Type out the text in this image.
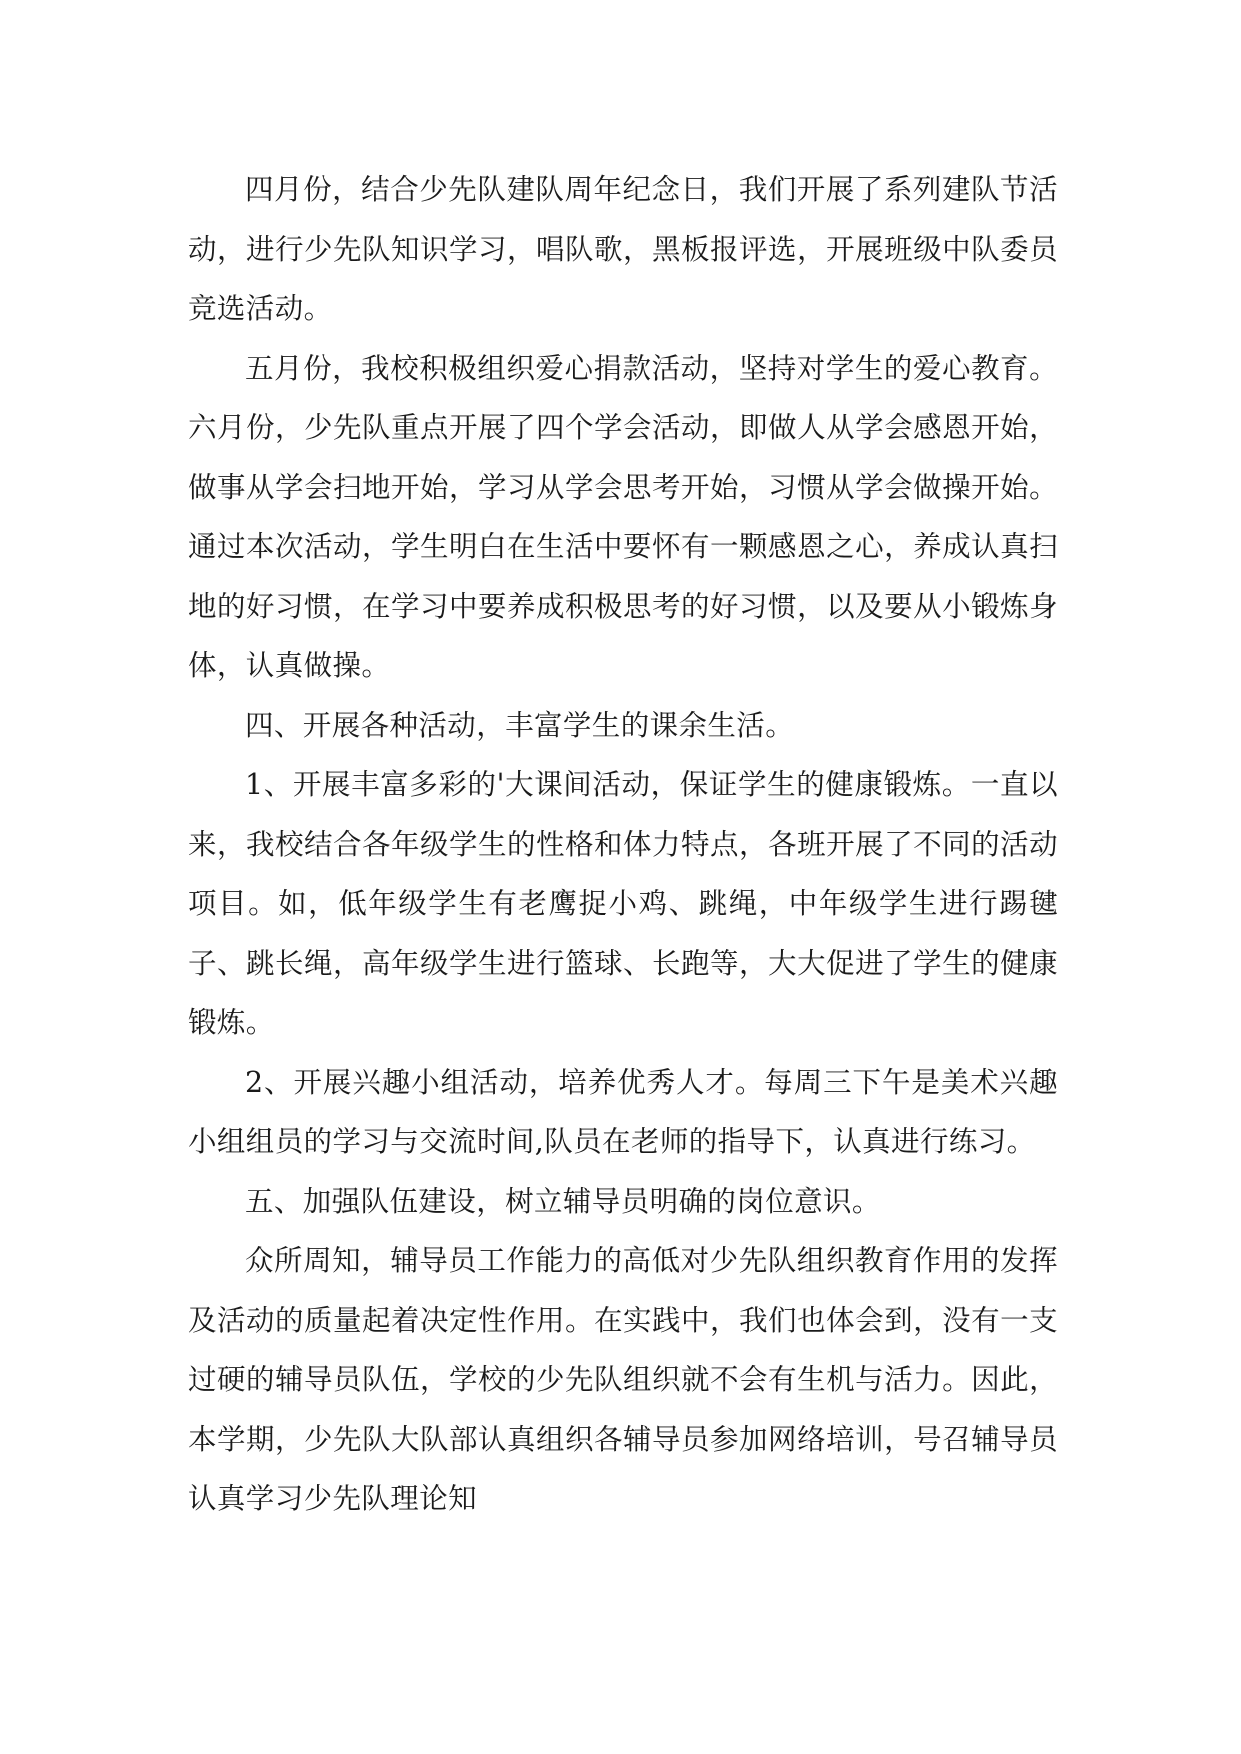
四月份，结合少先队建队周年纪念日，我们开展了系列建队节活动，进行少先队知识学习，唱队歌，黑板报评选，开展班级中队委员竞选活动。

五月份，我校积极组织爱心捐款活动，坚持对学生的爱心教育。六月份，少先队重点开展了四个学会活动，即做人从学会感恩开始，做事从学会扫地开始，学习从学会思考开始，习惯从学会做操开始。通过本次活动，学生明白在生活中要怀有一颗感恩之心，养成认真扫地的好习惯，在学习中要养成积极思考的好习惯，以及要从小锻炼身体，认真做操。

四、开展各种活动，丰富学生的课余生活。

1、开展丰富多彩的'大课间活动，保证学生的健康锻炼。一直以来，我校结合各年级学生的性格和体力特点，各班开展了不同的活动项目。如，低年级学生有老鹰捉小鸡、跳绳，中年级学生进行踢毽子、跳长绳，高年级学生进行篮球、长跑等，大大促进了学生的健康锻炼。

2、开展兴趣小组活动，培养优秀人才。每周三下午是美术兴趣小组组员的学习与交流时间,队员在老师的指导下，认真进行练习。

五、加强队伍建设，树立辅导员明确的岗位意识。

众所周知，辅导员工作能力的高低对少先队组织教育作用的发挥及活动的质量起着决定性作用。在实践中，我们也体会到，没有一支过硬的辅导员队伍，学校的少先队组织就不会有生机与活力。因此，本学期，少先队大队部认真组织各辅导员参加网络培训，号召辅导员认真学习少先队理论知
